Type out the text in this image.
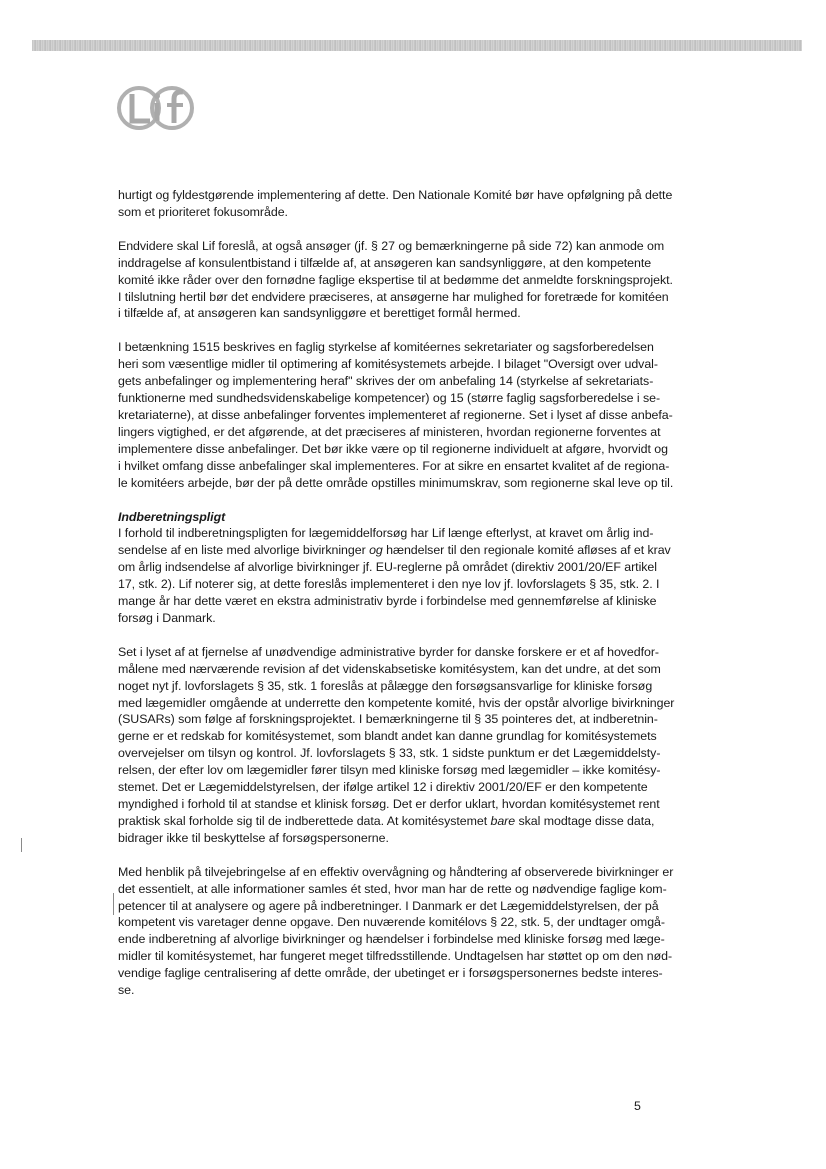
hurtigt og fyldestgørende implementering af dette. Den Nationale Komité bør have opfølgning på dette
som et prioriteret fokusområde.
Endvidere skal Lif foreslå, at også ansøger (jf. § 27 og bemærkningerne på side 72) kan anmode om
inddragelse af konsulentbistand i tilfælde af, at ansøgeren kan sandsynliggøre, at den kompetente
komité ikke råder over den fornødne faglige ekspertise til at bedømme det anmeldte forskningsprojekt.
I tilslutning hertil bør det endvidere præciseres, at ansøgerne har mulighed for foretræde for komitéen
i tilfælde af, at ansøgeren kan sandsynliggøre et berettiget formål hermed.
I betænkning 1515 beskrives en faglig styrkelse af komitéernes sekretariater og sagsforberedelsen
heri som væsentlige midler til optimering af komitésystemets arbejde. I bilaget "Oversigt over udval-
gets anbefalinger og implementering heraf" skrives der om anbefaling 14 (styrkelse af sekretariats-
funktionerne med sundhedsvidenskabelige kompetencer) og 15 (større faglig sagsforberedelse i se-
kretariaterne), at disse anbefalinger forventes implementeret af regionerne. Set i lyset af disse anbefa-
lingers vigtighed, er det afgørende, at det præciseres af ministeren, hvordan regionerne forventes at
implementere disse anbefalinger. Det bør ikke være op til regionerne individuelt at afgøre, hvorvidt og
i hvilket omfang disse anbefalinger skal implementeres. For at sikre en ensartet kvalitet af de regiona-
le komitéers arbejde, bør der på dette område opstilles minimumskrav, som regionerne skal leve op til.
Indberetningspligt
I forhold til indberetningspligten for lægemiddelforsøg har Lif længe efterlyst, at kravet om årlig ind-
sendelse af en liste med alvorlige bivirkninger og hændelser til den regionale komité afløses af et krav
om årlig indsendelse af alvorlige bivirkninger jf. EU-reglerne på området (direktiv 2001/20/EF artikel
17, stk. 2). Lif noterer sig, at dette foreslås implementeret i den nye lov jf. lovforslagets § 35, stk. 2. I
mange år har dette været en ekstra administrativ byrde i forbindelse med gennemførelse af kliniske
forsøg i Danmark.
Set i lyset af at fjernelse af unødvendige administrative byrder for danske forskere er et af hovedfor-
målene med nærværende revision af det videnskabsetiske komitésystem, kan det undre, at det som
noget nyt jf. lovforslagets § 35, stk. 1 foreslås at pålægge den forsøgsansvarlige for kliniske forsøg
med lægemidler omgående at underrette den kompetente komité, hvis der opstår alvorlige bivirkninger
(SUSARs) som følge af forskningsprojektet. I bemærkningerne til § 35 pointeres det, at indberetnin-
gerne er et redskab for komitésystemet, som blandt andet kan danne grundlag for komitésystemets
overvejelser om tilsyn og kontrol. Jf. lovforslagets § 33, stk. 1 sidste punktum er det Lægemiddelsty-
relsen, der efter lov om lægemidler fører tilsyn med kliniske forsøg med lægemidler – ikke komitésy-
stemet. Det er Lægemiddelstyrelsen, der ifølge artikel 12 i direktiv 2001/20/EF er den kompetente
myndighed i forhold til at standse et klinisk forsøg. Det er derfor uklart, hvordan komitésystemet rent
praktisk skal forholde sig til de indberettede data. At komitésystemet bare skal modtage disse data,
bidrager ikke til beskyttelse af forsøgspersonerne.
Med henblik på tilvejebringelse af en effektiv overvågning og håndtering af observerede bivirkninger er
det essentielt, at alle informationer samles ét sted, hvor man har de rette og nødvendige faglige kom-
petencer til at analysere og agere på indberetninger. I Danmark er det Lægemiddelstyrelsen, der på
kompetent vis varetager denne opgave. Den nuværende komitélovs § 22, stk. 5, der undtager omgå-
ende indberetning af alvorlige bivirkninger og hændelser i forbindelse med kliniske forsøg med læge-
midler til komitésystemet, har fungeret meget tilfredsstillende. Undtagelsen har støttet op om den nød-
vendige faglige centralisering af dette område, der ubetinget er i forsøgspersonernes bedste interes-
se.
5
